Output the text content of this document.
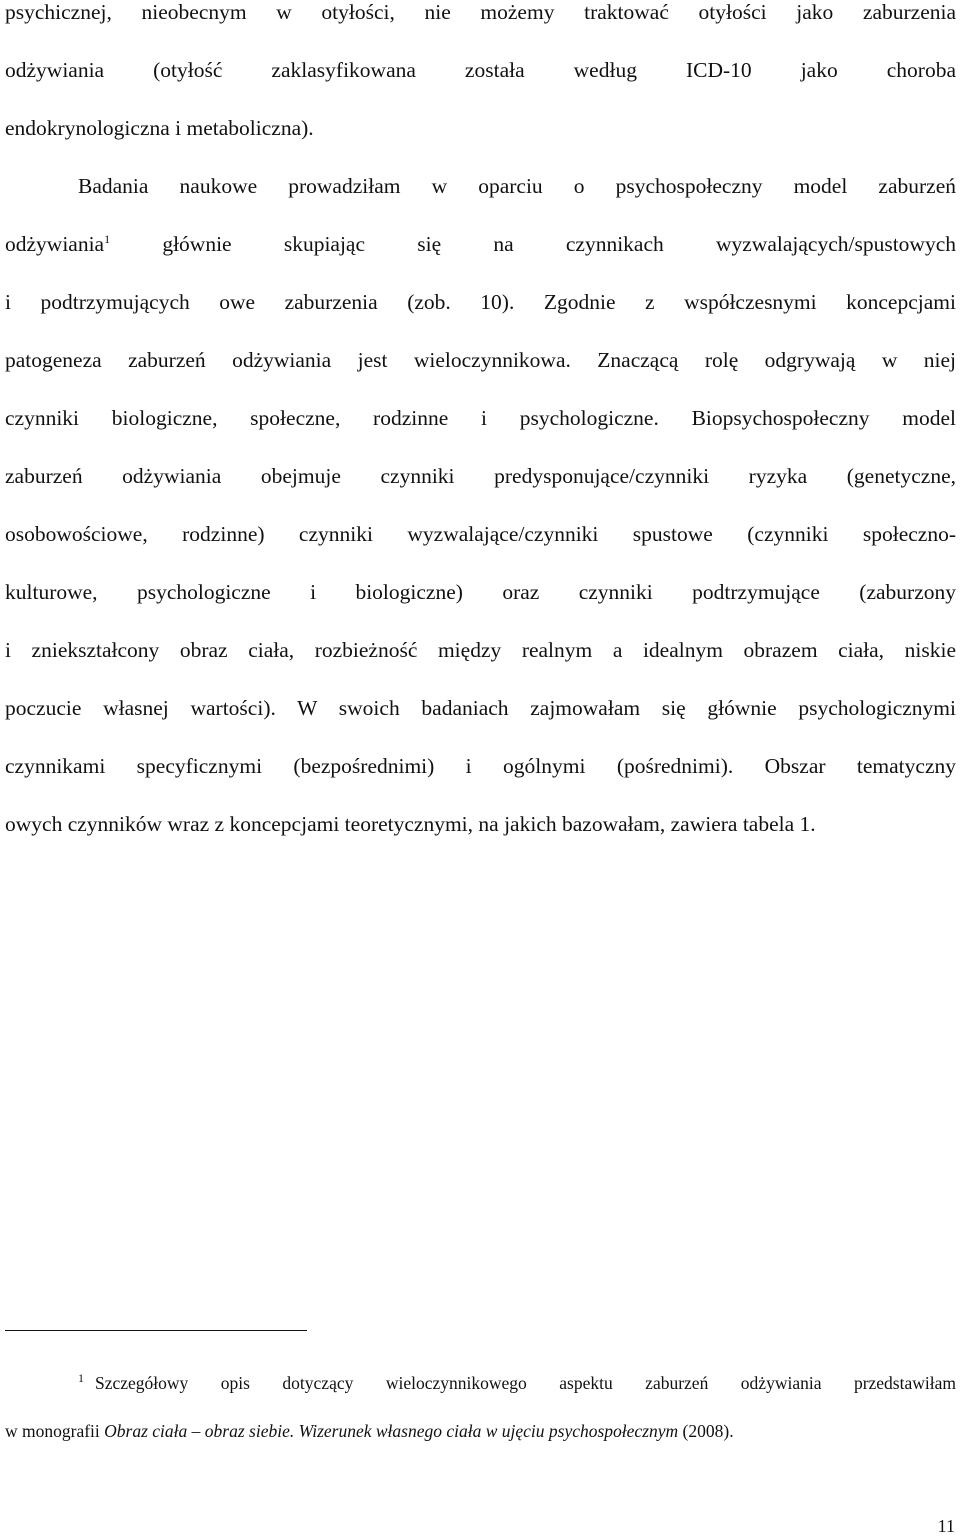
psychicznej, nieobecnym w otyłości, nie możemy traktować otyłości jako zaburzenia
odżywiania (otyłość zaklasyfikowana została według ICD-10 jako choroba
endokrynologiczna i metaboliczna).
Badania naukowe prowadziłam w oparciu o psychospołeczny model zaburzeń
odżywiania$^1$ głównie skupiając się na czynnikach wyzwalających/spustowych
i podtrzymujących owe zaburzenia (zob. 10). Zgodnie z współczesnymi koncepcjami
patogeneza zaburzeń odżywiania jest wieloczynnikowa. Znaczącą rolę odgrywają w niej
czynniki biologiczne, społeczne, rodzinne i psychologiczne. Biopsychospołeczny model
zaburzeń odżywiania obejmuje czynniki predysponujące/czynniki ryzyka (genetyczne,
osobowościowe, rodzinne) czynniki wyzwalające/czynniki spustowe (czynniki społeczno-
kulturowe, psychologiczne i biologiczne) oraz czynniki podtrzymujące (zaburzony
i zniekształcony obraz ciała, rozbieżność między realnym a idealnym obrazem ciała, niskie
poczucie własnej wartości). W swoich badaniach zajmowałam się głównie psychologicznymi
czynnikami specyficznymi (bezpośrednimi) i ogólnymi (pośrednimi). Obszar tematyczny
owych czynników wraz z koncepcjami teoretycznymi, na jakich bazowałam, zawiera tabela 1.
$^1$ Szczegółowy opis dotyczący wieloczynnikowego aspektu zaburzeń odżywiania przedstawiłam
w monografii Obraz ciała – obraz siebie. Wizerunek własnego ciała w ujęciu psychospołecznym (2008).
11
